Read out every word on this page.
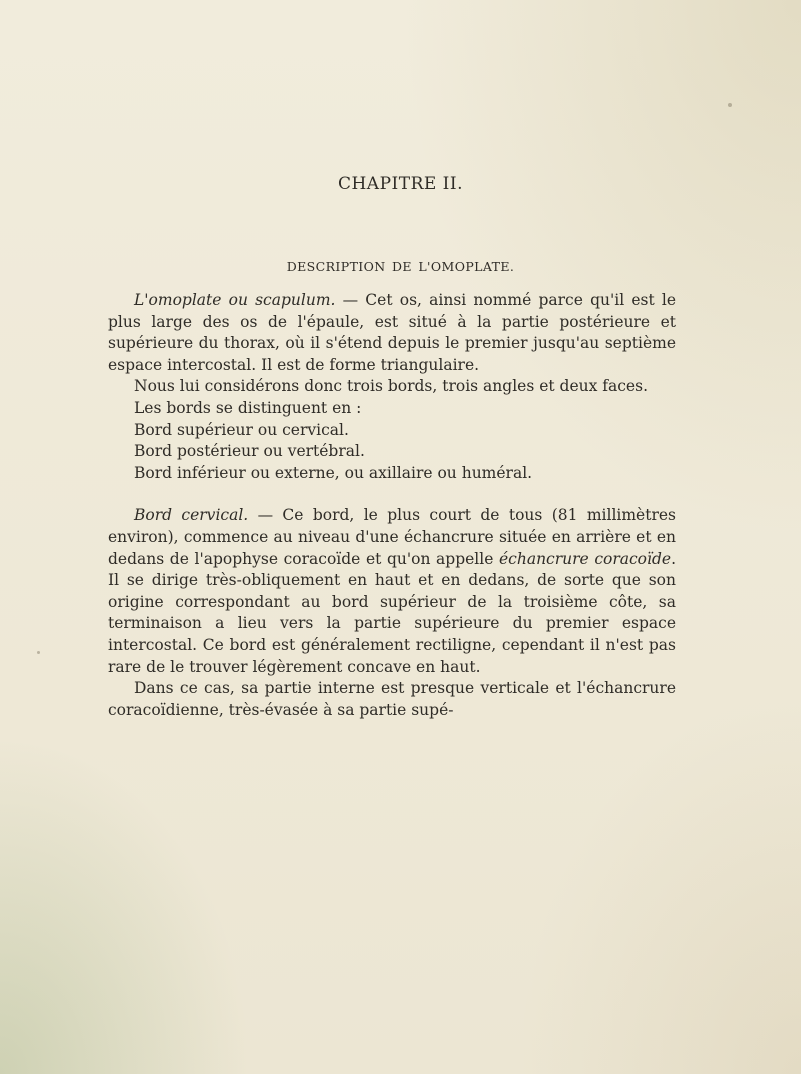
CHAPITRE II.
DESCRIPTION DE L'OMOPLATE.

L'omoplate ou scapulum. — Cet os, ainsi nommé parce qu'il est le plus large des os de l'épaule, est situé à la partie postérieure et supérieure du thorax, où il s'étend depuis le premier jusqu'au septième espace intercostal. Il est de forme triangulaire.

Nous lui considérons donc trois bords, trois angles et deux faces.

Les bords se distinguent en :

Bord supérieur ou cervical.

Bord postérieur ou vertébral.

Bord inférieur ou externe, ou axillaire ou huméral.

Bord cervical. — Ce bord, le plus court de tous (81 millimètres environ), commence au niveau d'une échancrure située en arrière et en dedans de l'apophyse coracoïde et qu'on appelle échancrure coracoïde. Il se dirige très-obliquement en haut et en dedans, de sorte que son origine correspondant au bord supérieur de la troisième côte, sa terminaison a lieu vers la partie supérieure du premier espace intercostal. Ce bord est généralement rectiligne, cependant il n'est pas rare de le trouver légèrement concave en haut.

Dans ce cas, sa partie interne est presque verticale et l'échancrure coracoïdienne, très-évasée à sa partie supé-
